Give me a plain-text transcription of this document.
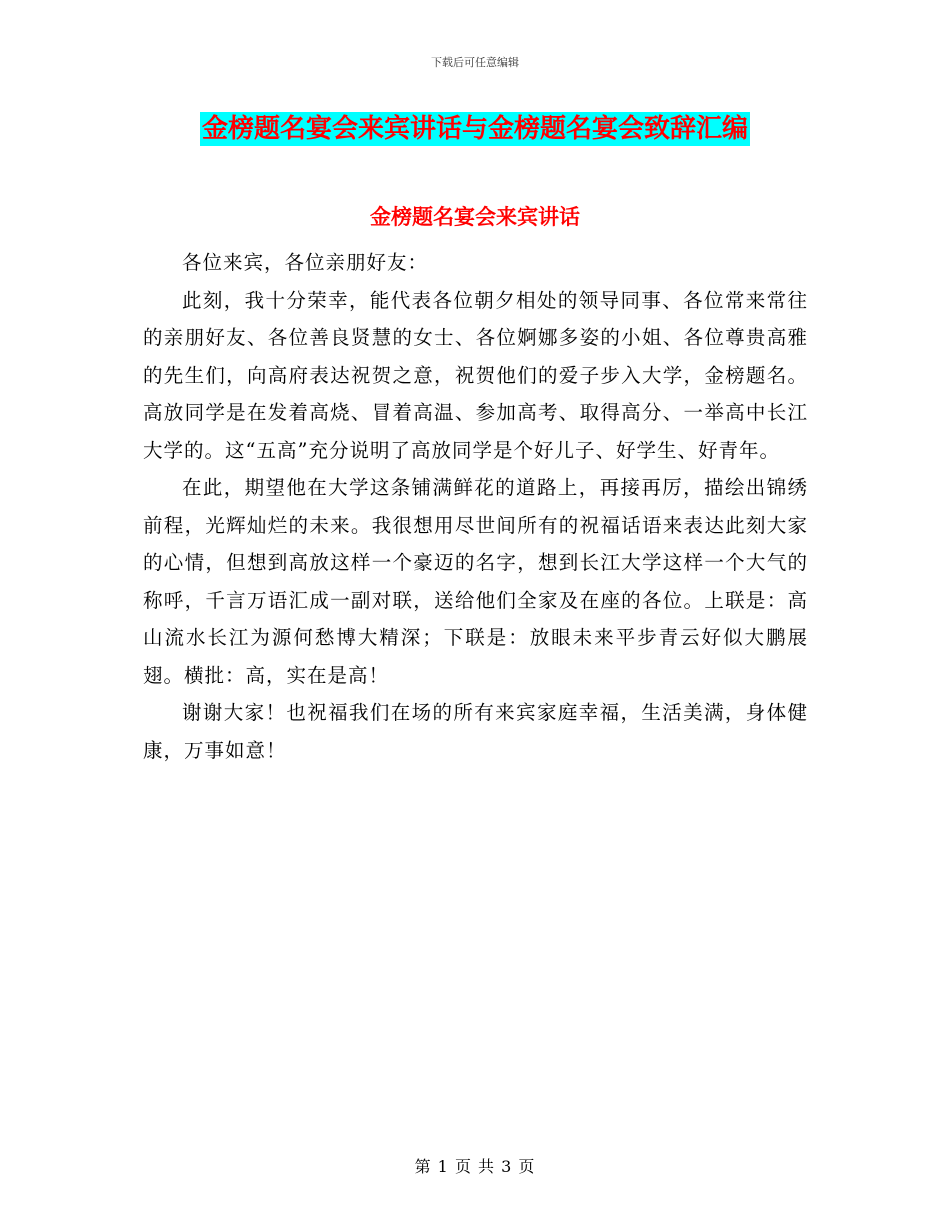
下载后可任意编辑
金榜题名宴会来宾讲话与金榜题名宴会致辞汇编
金榜题名宴会来宾讲话

各位来宾，各位亲朋好友：

此刻，我十分荣幸，能代表各位朝夕相处的领导同事、各位常来常往的亲朋好友、各位善良贤慧的女士、各位婀娜多姿的小姐、各位尊贵高雅的先生们，向高府表达祝贺之意，祝贺他们的爱子步入大学，金榜题名。高放同学是在发着高烧、冒着高温、参加高考、取得高分、一举高中长江大学的。这“五高”充分说明了高放同学是个好儿子、好学生、好青年。

在此，期望他在大学这条铺满鲜花的道路上，再接再厉，描绘出锦绣前程，光辉灿烂的未来。我很想用尽世间所有的祝福话语来表达此刻大家的心情，但想到高放这样一个豪迈的名字，想到长江大学这样一个大气的称呼，千言万语汇成一副对联，送给他们全家及在座的各位。上联是：高山流水长江为源何愁博大精深；下联是：放眼未来平步青云好似大鹏展翅。横批：高，实在是高！

谢谢大家！也祝福我们在场的所有来宾家庭幸福，生活美满，身体健康，万事如意！

第 1 页 共 3 页
